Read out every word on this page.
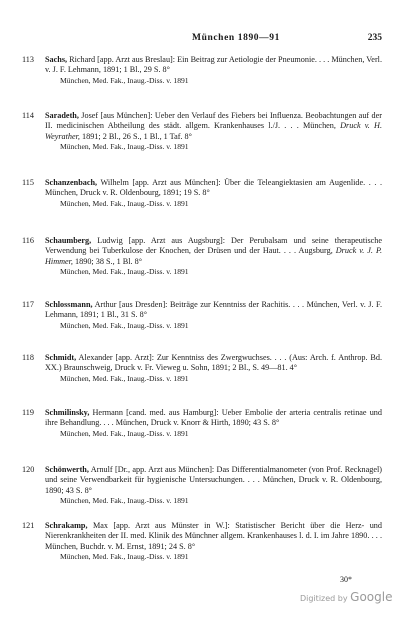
München 1890—91	235
113	Sachs, Richard [app. Arzt aus Breslau]: Ein Beitrag zur Aetiologie der Pneumonie. . . . München, Verl. v. J. F. Lehmann, 1891; 1 Bl., 29 S. 8°
München, Med. Fak., Inaug.-Diss. v. 1891
114	Saradeth, Josef [aus München]: Ueber den Verlauf des Fiebers bei Influenza. Beobachtungen auf der II. medicinischen Abtheilung des städt. allgem. Krankenhauses l./J. . . . München, Druck v. H. Weyrather, 1891; 2 Bl., 26 S., 1 Bl., 1 Taf. 8°
München, Med. Fak., Inaug.-Diss. v. 1891
115	Schanzenbach, Wilhelm [app. Arzt aus München]: Über die Teleangiektasien am Augenlide. . . . München, Druck v. R. Oldenbourg, 1891; 19 S. 8°
München, Med. Fak., Inaug.-Diss. v. 1891
116	Schaumberg, Ludwig [app. Arzt aus Augsburg]: Der Perubalsam und seine therapeutische Verwendung bei Tuberkulose der Knochen, der Drüsen und der Haut. . . . Augsburg, Druck v. J. P. Himmer, 1890; 38 S., 1 Bl. 8°
München, Med. Fak., Inaug.-Diss. v. 1891
117	Schlossmann, Arthur [aus Dresden]: Beiträge zur Kenntniss der Rachitis. . . . München, Verl. v. J. F. Lehmann, 1891; 1 Bl., 31 S. 8°
München, Med. Fak., Inaug.-Diss. v. 1891
118	Schmidt, Alexander [app. Arzt]: Zur Kenntniss des Zwergwuchses. . . . (Aus: Arch. f. Anthrop. Bd. XX.) Braunschweig, Druck v. Fr. Vieweg u. Sohn, 1891; 2 Bl., S. 49—81. 4°
München, Med. Fak., Inaug.-Diss. v. 1891
119	Schmilinsky, Hermann [cand. med. aus Hamburg]: Ueber Embolie der arteria centralis retinae und ihre Behandlung. . . . München, Druck v. Knorr & Hirth, 1890; 43 S. 8°
München, Med. Fak., Inaug.-Diss. v. 1891
120	Schönwerth, Arnulf [Dr., app. Arzt aus München]: Das Differentialmanometer (von Prof. Recknagel) und seine Verwendbarkeit für hygienische Untersuchungen. . . . München, Druck v. R. Oldenbourg, 1890; 43 S. 8°
München, Med. Fak., Inaug.-Diss. v. 1891
121	Schrakamp, Max [app. Arzt aus Münster in W.]: Statistischer Bericht über die Herz- und Nierenkrankheiten der II. med. Klinik des Münchner allgem. Krankenhauses l. d. I. im Jahre 1890. . . . München, Buchdr. v. M. Ernst, 1891; 24 S. 8°
München, Med. Fak., Inaug.-Diss. v. 1891
30*
Digitized by Google
